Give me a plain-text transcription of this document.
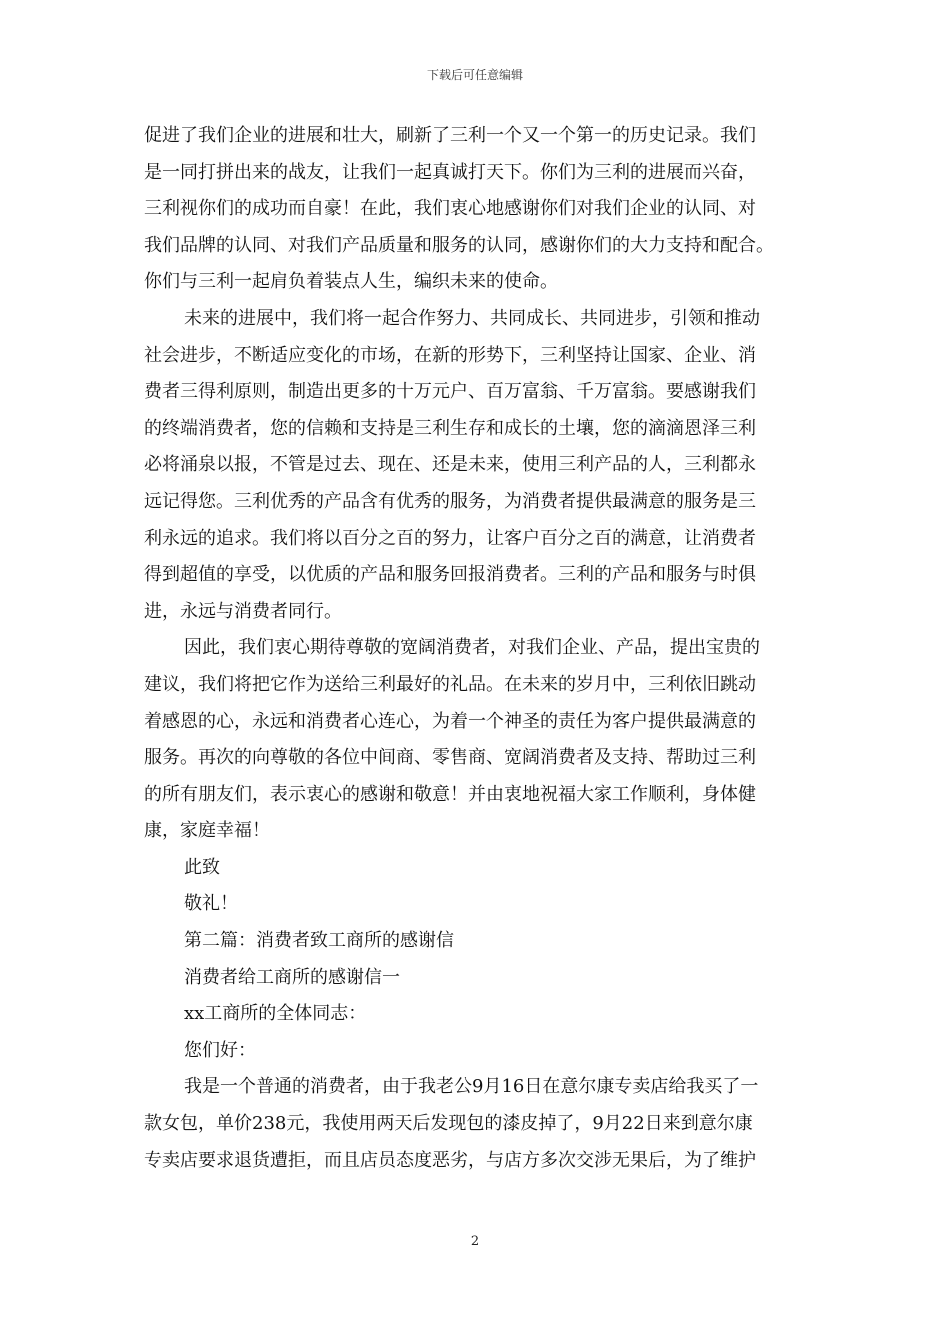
下载后可任意编辑

促进了我们企业的进展和壮大，刷新了三利一个又一个第一的历史记录。我们

是一同打拼出来的战友，让我们一起真诚打天下。你们为三利的进展而兴奋，

三利视你们的成功而自豪！在此，我们衷心地感谢你们对我们企业的认同、对

我们品牌的认同、对我们产品质量和服务的认同，感谢你们的大力支持和配合。

你们与三利一起肩负着装点人生，编织未来的使命。

未来的进展中，我们将一起合作努力、共同成长、共同进步，引领和推动

社会进步，不断适应变化的市场，在新的形势下，三利坚持让国家、企业、消

费者三得利原则，制造出更多的十万元户、百万富翁、千万富翁。要感谢我们

的终端消费者，您的信赖和支持是三利生存和成长的土壤，您的滴滴恩泽三利

必将涌泉以报，不管是过去、现在、还是未来，使用三利产品的人，三利都永

远记得您。三利优秀的产品含有优秀的服务，为消费者提供最满意的服务是三

利永远的追求。我们将以百分之百的努力，让客户百分之百的满意，让消费者

得到超值的享受，以优质的产品和服务回报消费者。三利的产品和服务与时俱

进，永远与消费者同行。

因此，我们衷心期待尊敬的宽阔消费者，对我们企业、产品，提出宝贵的

建议，我们将把它作为送给三利最好的礼品。在未来的岁月中，三利依旧跳动

着感恩的心，永远和消费者心连心，为着一个神圣的责任为客户提供最满意的

服务。再次的向尊敬的各位中间商、零售商、宽阔消费者及支持、帮助过三利

的所有朋友们，表示衷心的感谢和敬意！并由衷地祝福大家工作顺利，身体健

康，家庭幸福！

此致

敬礼！

第二篇：消费者致工商所的感谢信

消费者给工商所的感谢信一

xx工商所的全体同志：

您们好：

我是一个普通的消费者，由于我老公9月16日在意尔康专卖店给我买了一

款女包，单价238元，我使用两天后发现包的漆皮掉了，9月22日来到意尔康

专卖店要求退货遭拒，而且店员态度恶劣，与店方多次交涉无果后，为了维护

2
